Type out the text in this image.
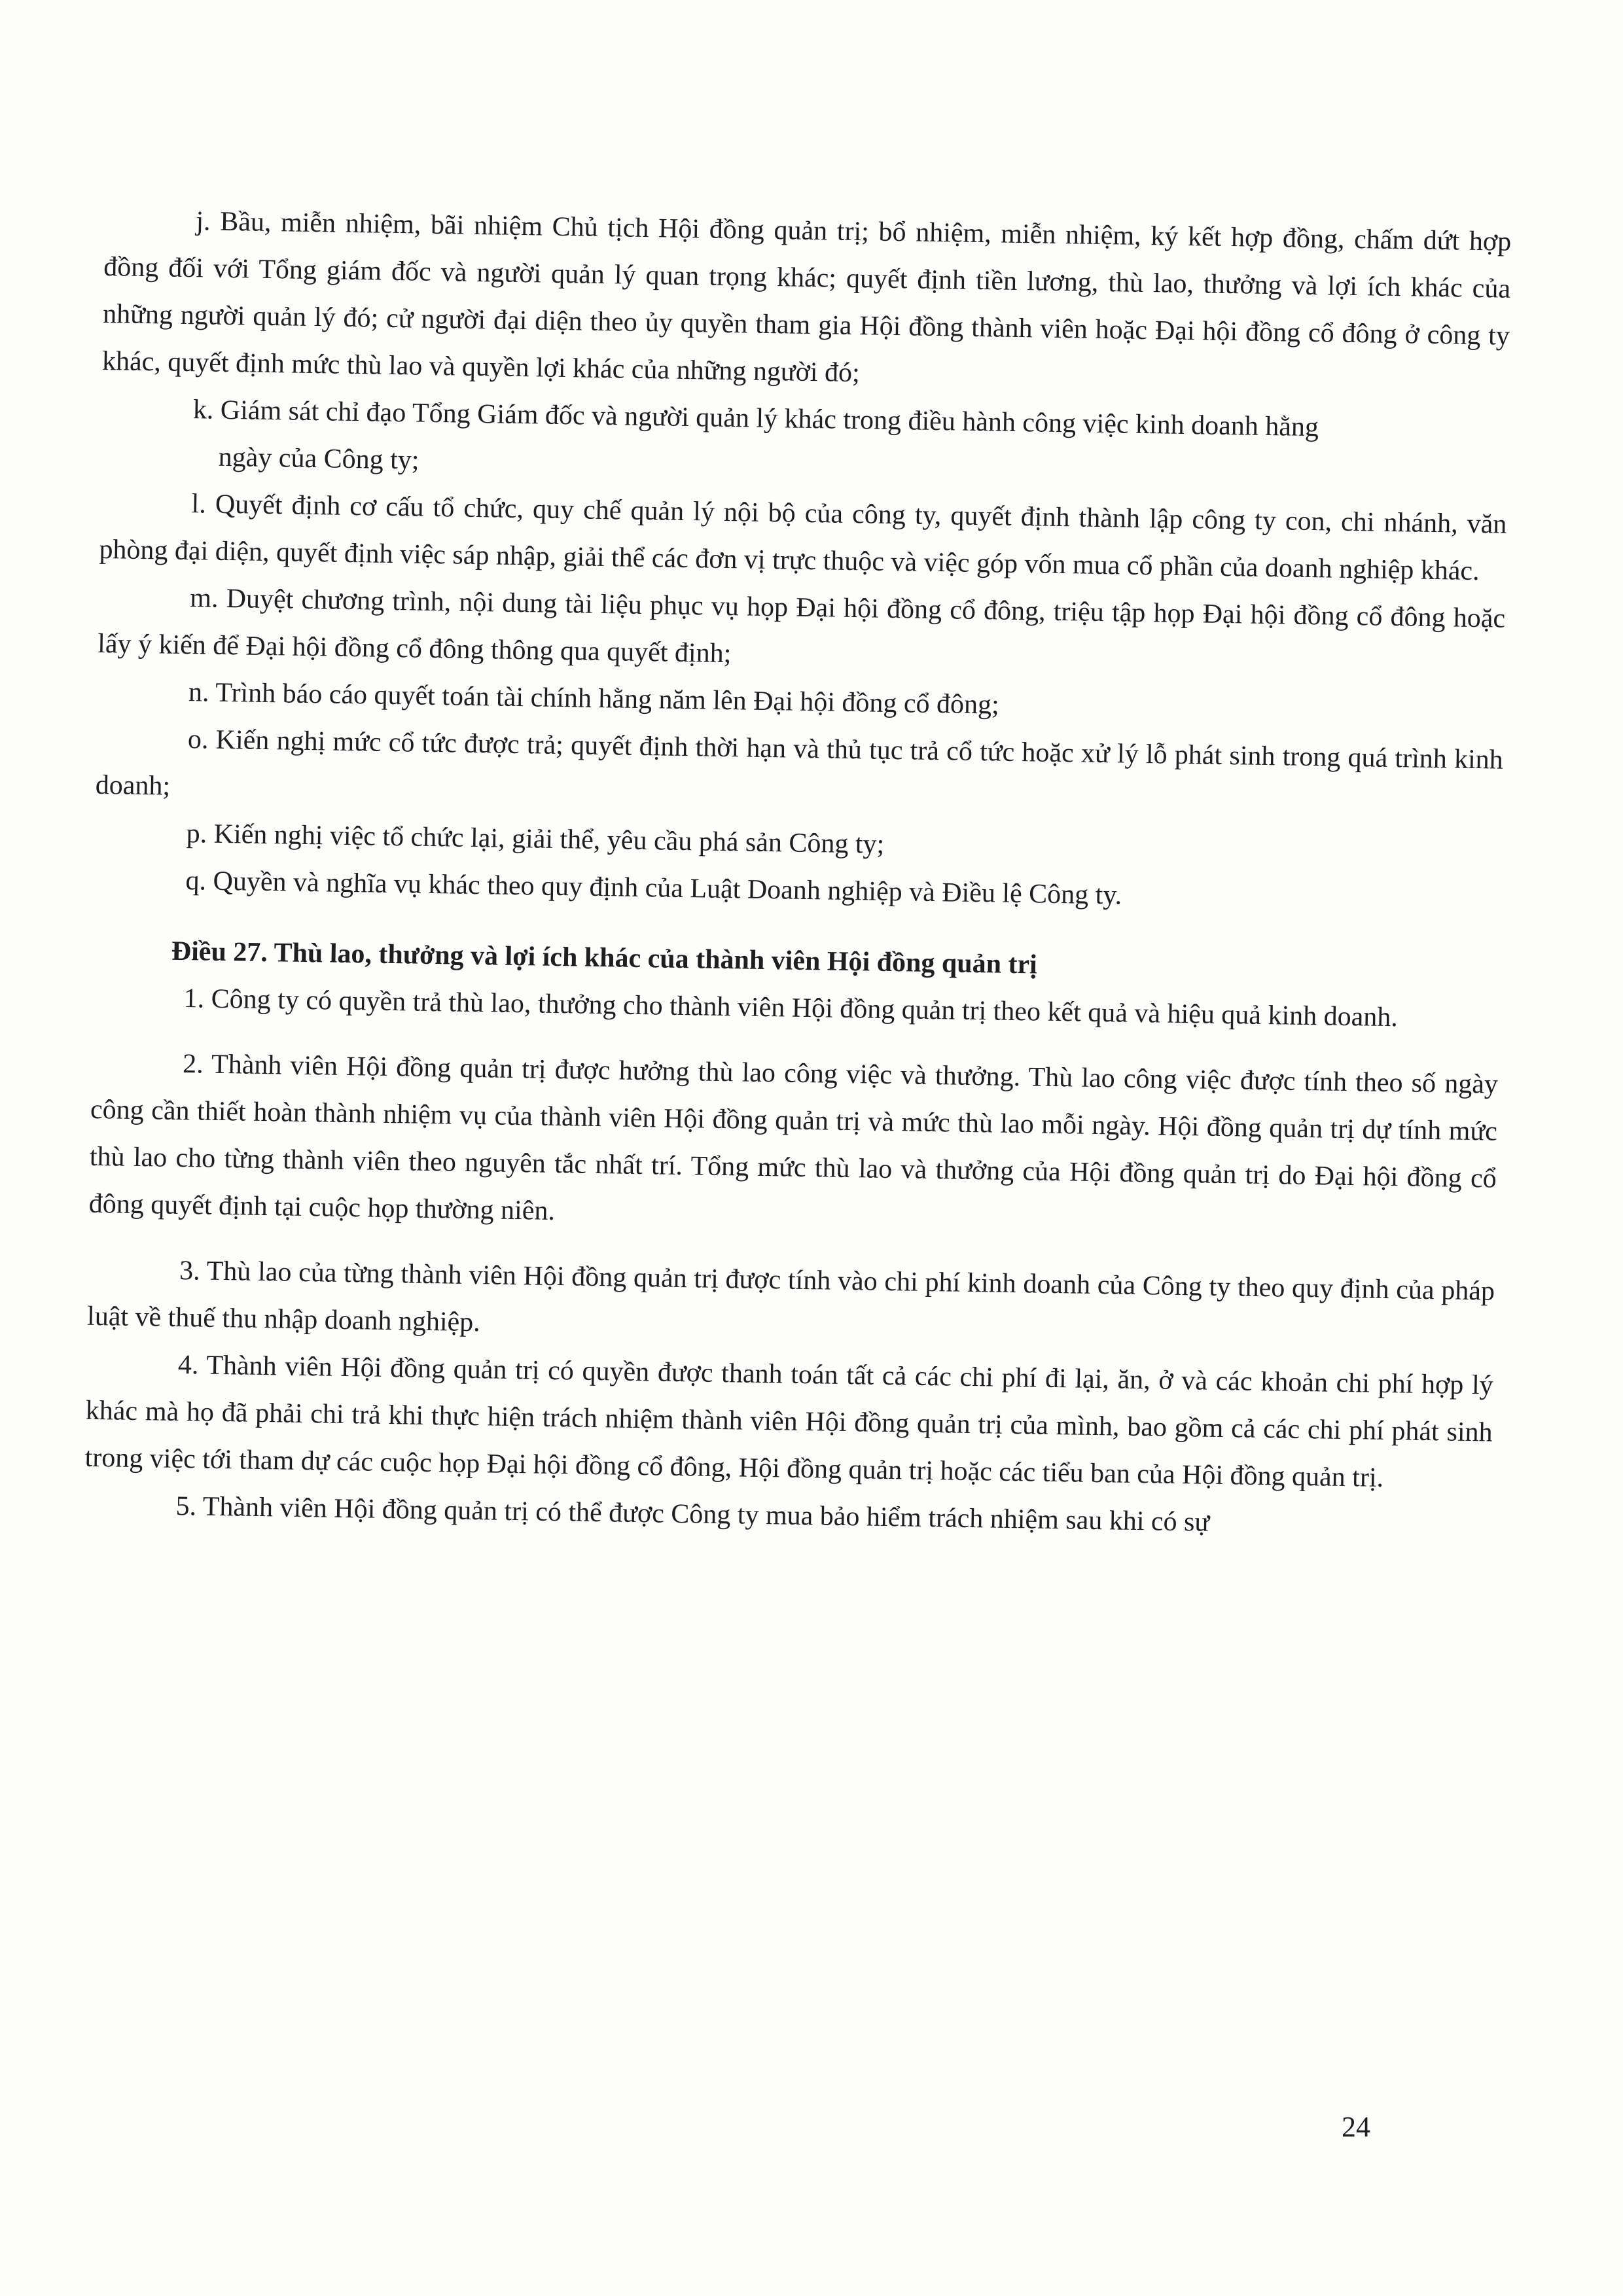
j. Bầu, miễn nhiệm, bãi nhiệm Chủ tịch Hội đồng quản trị; bổ nhiệm, miễn nhiệm, ký kết hợp đồng, chấm dứt hợp đồng đối với Tổng giám đốc và người quản lý quan trọng khác; quyết định tiền lương, thù lao, thưởng và lợi ích khác của những người quản lý đó; cử người đại diện theo ủy quyền tham gia Hội đồng thành viên hoặc Đại hội đồng cổ đông ở công ty khác, quyết định mức thù lao và quyền lợi khác của những người đó;

k. Giám sát chỉ đạo Tổng Giám đốc và người quản lý khác trong điều hành công việc kinh doanh hằng

ngày của Công ty;

l. Quyết định cơ cấu tổ chức, quy chế quản lý nội bộ của công ty, quyết định thành lập công ty con, chi nhánh, văn phòng đại diện, quyết định việc sáp nhập, giải thể các đơn vị trực thuộc và việc góp vốn mua cổ phần của doanh nghiệp khác.

m. Duyệt chương trình, nội dung tài liệu phục vụ họp Đại hội đồng cổ đông, triệu tập họp Đại hội đồng cổ đông hoặc lấy ý kiến để Đại hội đồng cổ đông thông qua quyết định;

n. Trình báo cáo quyết toán tài chính hằng năm lên Đại hội đồng cổ đông;

o. Kiến nghị mức cổ tức được trả; quyết định thời hạn và thủ tục trả cổ tức hoặc xử lý lỗ phát sinh trong quá trình kinh doanh;

p. Kiến nghị việc tổ chức lại, giải thể, yêu cầu phá sản Công ty;

q. Quyền và nghĩa vụ khác theo quy định của Luật Doanh nghiệp và Điều lệ Công ty.

Điều 27. Thù lao, thưởng và lợi ích khác của thành viên Hội đồng quản trị

1. Công ty có quyền trả thù lao, thưởng cho thành viên Hội đồng quản trị theo kết quả và hiệu quả kinh doanh.

2. Thành viên Hội đồng quản trị được hưởng thù lao công việc và thưởng. Thù lao công việc được tính theo số ngày công cần thiết hoàn thành nhiệm vụ của thành viên Hội đồng quản trị và mức thù lao mỗi ngày. Hội đồng quản trị dự tính mức thù lao cho từng thành viên theo nguyên tắc nhất trí. Tổng mức thù lao và thưởng của Hội đồng quản trị do Đại hội đồng cổ đông quyết định tại cuộc họp thường niên.

3. Thù lao của từng thành viên Hội đồng quản trị được tính vào chi phí kinh doanh của Công ty theo quy định của pháp luật về thuế thu nhập doanh nghiệp.

4. Thành viên Hội đồng quản trị có quyền được thanh toán tất cả các chi phí đi lại, ăn, ở và các khoản chi phí hợp lý khác mà họ đã phải chi trả khi thực hiện trách nhiệm thành viên Hội đồng quản trị của mình, bao gồm cả các chi phí phát sinh trong việc tới tham dự các cuộc họp Đại hội đồng cổ đông, Hội đồng quản trị hoặc các tiểu ban của Hội đồng quản trị.

5. Thành viên Hội đồng quản trị có thể được Công ty mua bảo hiểm trách nhiệm sau khi có sự

24
